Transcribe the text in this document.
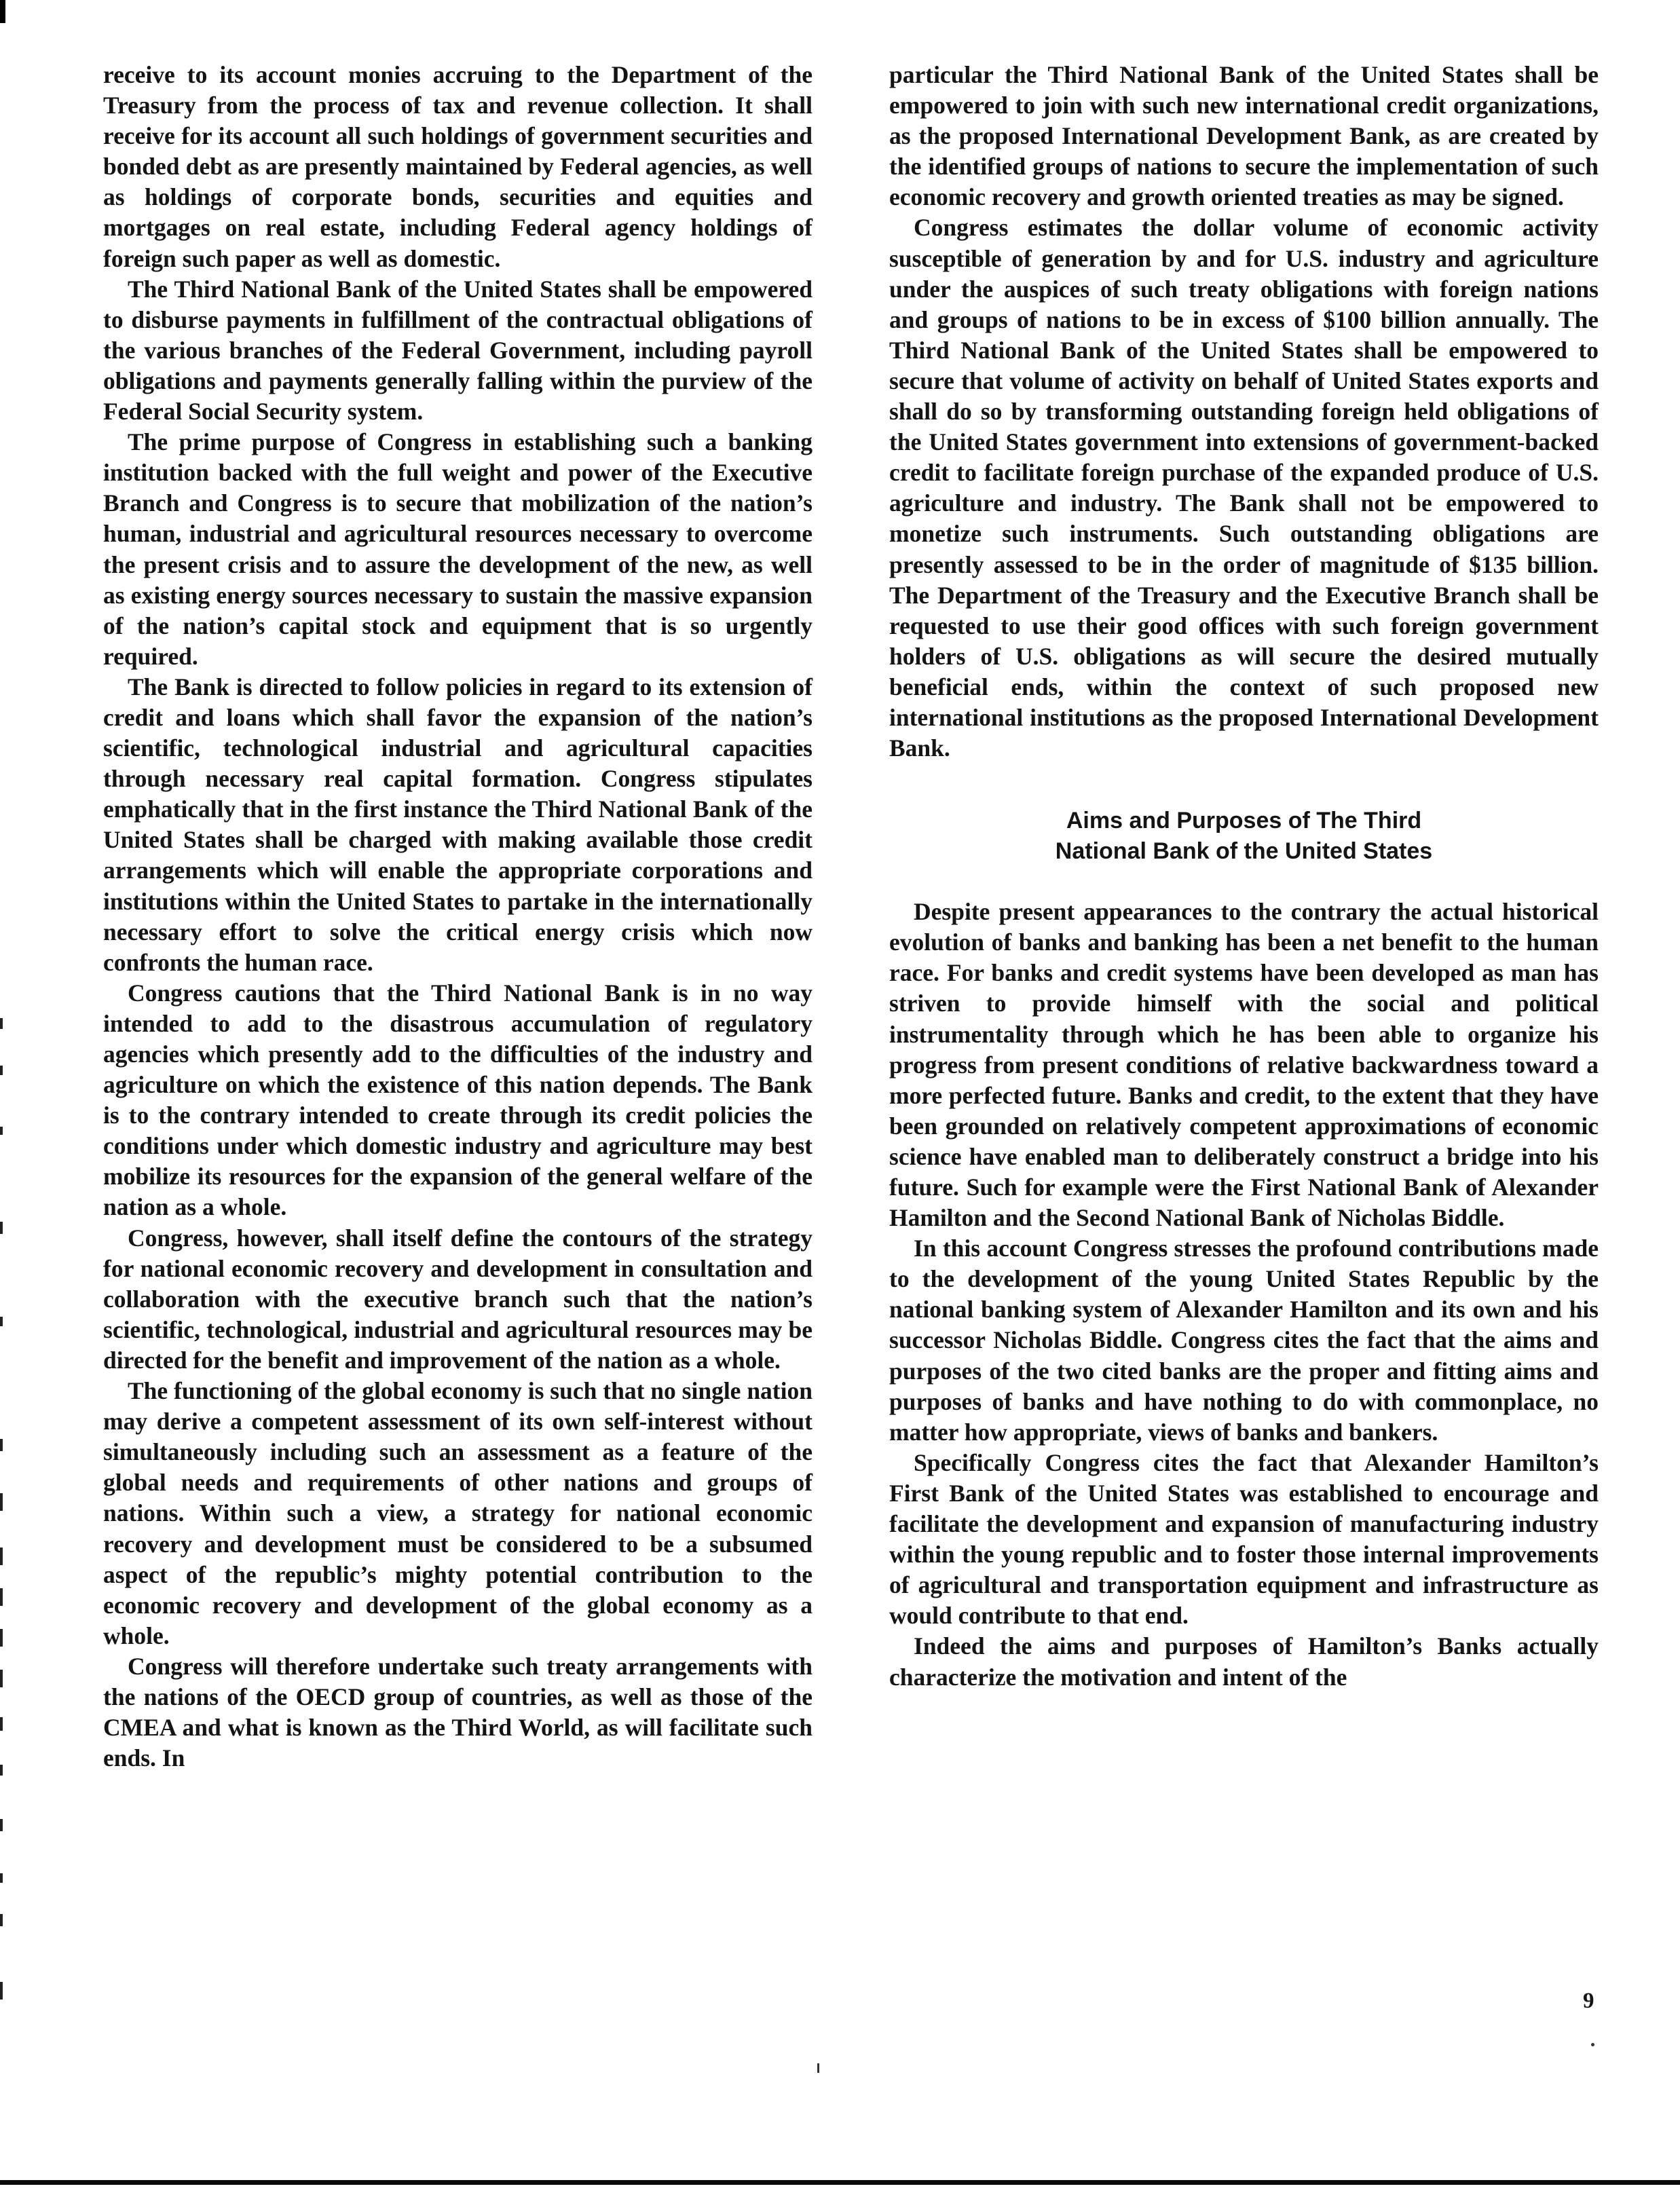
receive to its account monies accruing to the Department of the Treasury from the process of tax and revenue collection. It shall receive for its account all such holdings of government securities and bonded debt as are presently maintained by Federal agencies, as well as holdings of corporate bonds, securities and equities and mortgages on real estate, including Federal agency holdings of foreign such paper as well as domestic.

The Third National Bank of the United States shall be empowered to disburse payments in fulfillment of the contractual obligations of the various branches of the Federal Government, including payroll obligations and payments generally falling within the purview of the Federal Social Security system.

The prime purpose of Congress in establishing such a banking institution backed with the full weight and power of the Executive Branch and Congress is to secure that mobilization of the nation’s human, industrial and agricultural resources necessary to overcome the present crisis and to assure the development of the new, as well as existing energy sources necessary to sustain the massive expansion of the nation’s capital stock and equipment that is so urgently required.

The Bank is directed to follow policies in regard to its extension of credit and loans which shall favor the expansion of the nation’s scientific, technological industrial and agricultural capacities through necessary real capital formation. Congress stipulates emphatically that in the first instance the Third National Bank of the United States shall be charged with making available those credit arrangements which will enable the appropriate corporations and institutions within the United States to partake in the internationally necessary effort to solve the critical energy crisis which now confronts the human race.

Congress cautions that the Third National Bank is in no way intended to add to the disastrous accumulation of regulatory agencies which presently add to the difficulties of the industry and agriculture on which the existence of this nation depends. The Bank is to the contrary intended to create through its credit policies the conditions under which domestic industry and agriculture may best mobilize its resources for the expansion of the general welfare of the nation as a whole.

Congress, however, shall itself define the contours of the strategy for national economic recovery and development in consultation and collaboration with the executive branch such that the nation’s scientific, technological, industrial and agricultural resources may be directed for the benefit and improvement of the nation as a whole.

The functioning of the global economy is such that no single nation may derive a competent assessment of its own self-interest without simultaneously including such an assessment as a feature of the global needs and requirements of other nations and groups of nations. Within such a view, a strategy for national economic recovery and development must be considered to be a subsumed aspect of the republic’s mighty potential contribution to the economic recovery and development of the global economy as a whole.

Congress will therefore undertake such treaty arrangements with the nations of the OECD group of countries, as well as those of the CMEA and what is known as the Third World, as will facilitate such ends. In

particular the Third National Bank of the United States shall be empowered to join with such new international credit organizations, as the proposed International Development Bank, as are created by the identified groups of nations to secure the implementation of such economic recovery and growth oriented treaties as may be signed.

Congress estimates the dollar volume of economic activity susceptible of generation by and for U.S. industry and agriculture under the auspices of such treaty obligations with foreign nations and groups of nations to be in excess of $100 billion annually. The Third National Bank of the United States shall be empowered to secure that volume of activity on behalf of United States exports and shall do so by transforming outstanding foreign held obligations of the United States government into extensions of government-backed credit to facilitate foreign purchase of the expanded produce of U.S. agriculture and industry. The Bank shall not be empowered to monetize such instruments. Such outstanding obligations are presently assessed to be in the order of magnitude of $135 billion. The Department of the Treasury and the Executive Branch shall be requested to use their good offices with such foreign government holders of U.S. obligations as will secure the desired mutually beneficial ends, within the context of such proposed new international institutions as the proposed International Development Bank.

Aims and Purposes of The Third
National Bank of the United States

Despite present appearances to the contrary the actual historical evolution of banks and banking has been a net benefit to the human race. For banks and credit systems have been developed as man has striven to provide himself with the social and political instrumentality through which he has been able to organize his progress from present conditions of relative backwardness toward a more perfected future. Banks and credit, to the extent that they have been grounded on relatively competent approximations of economic science have enabled man to deliberately construct a bridge into his future. Such for example were the First National Bank of Alexander Hamilton and the Second National Bank of Nicholas Biddle.

In this account Congress stresses the profound contributions made to the development of the young United States Republic by the national banking system of Alexander Hamilton and its own and his successor Nicholas Biddle. Congress cites the fact that the aims and purposes of the two cited banks are the proper and fitting aims and purposes of banks and have nothing to do with commonplace, no matter how appropriate, views of banks and bankers.

Specifically Congress cites the fact that Alexander Hamilton’s First Bank of the United States was established to encourage and facilitate the development and expansion of manufacturing industry within the young republic and to foster those internal improvements of agricultural and transportation equipment and infrastructure as would contribute to that end.

Indeed the aims and purposes of Hamilton’s Banks actually characterize the motivation and intent of the

9
